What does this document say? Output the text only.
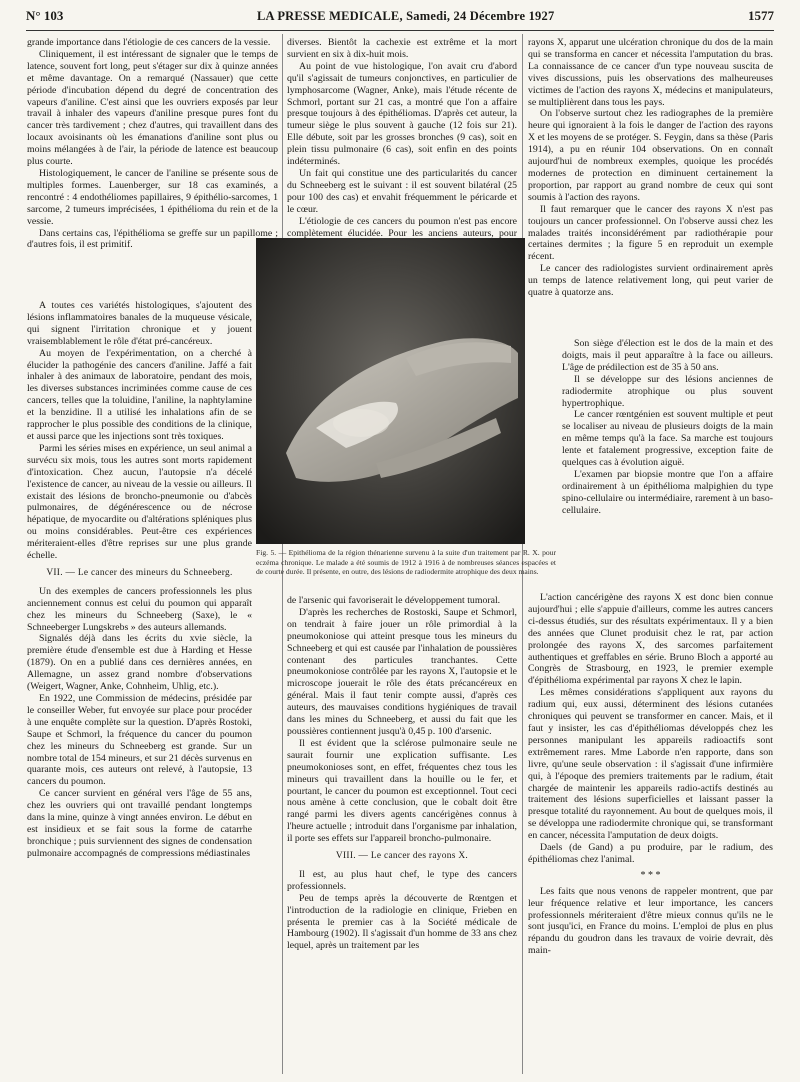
N° 103	LA PRESSE MEDICALE, Samedi, 24 Décembre 1927	1577

grande importance dans l'étiologie de ces cancers de la vessie.

Cliniquement, il est intéressant de signaler que le temps de latence, souvent fort long, peut s'étager sur dix à quinze années et même davantage. On a remarqué (Nassauer) que cette période d'incubation dépend du degré de concentration des vapeurs d'aniline. C'est ainsi que les ouvriers exposés par leur travail à inhaler des vapeurs d'aniline presque pures font du cancer très tardivement ; chez d'autres, qui travaillent dans des locaux avoisinants où les émanations d'aniline sont plus ou moins mélangées à de l'air, la période de latence est beaucoup plus courte.

Histologiquement, le cancer de l'aniline se présente sous de multiples formes. Lauenberger, sur 18 cas examinés, a rencontré : 4 endothéliomes papillaires, 9 épithélio-sarcomes, 1 sarcome, 2 tumeurs imprécisées, 1 épithélioma du rein et de la vessie.

Dans certains cas, l'épithélioma se greffe sur un papillome ; d'autres fois, il est primitif.

A toutes ces variétés histologiques, s'ajoutent des lésions inflammatoires banales de la muqueuse vésicale, qui signent l'irritation chronique et y jouent vraisemblablement le rôle d'état pré-cancéreux.

Au moyen de l'expérimentation, on a cherché à élucider la pathogénie des cancers d'aniline. Jaffé a fait inhaler à des animaux de laboratoire, pendant des mois, les diverses substances incriminées comme cause de ces cancers, telles que la toluidine, l'aniline, la naphtylamine et la benzidine. Il a utilisé les inhalations afin de se rapprocher le plus possible des conditions de la clinique, et aussi parce que les injections sont très toxiques.

Parmi les séries mises en expérience, un seul animal a survécu six mois, tous les autres sont morts rapidement d'intoxication. Chez aucun, l'autopsie n'a décelé l'existence de cancer, au niveau de la vessie ou ailleurs. Il existait des lésions de broncho-pneumonie ou d'abcès pulmonaires, de dégénérescence ou de nécrose hépatique, de myocardite ou d'altérations spléniques plus ou moins considérables. Peut-être ces expériences mériteraient-elles d'être reprises sur une plus grande échelle.

VII. — Le cancer des mineurs du Schneeberg.

Un des exemples de cancers professionnels les plus anciennement connus est celui du poumon qui apparaît chez les mineurs du Schneeberg (Saxe), le « Schneeberger Lungskrebs » des auteurs allemands.

Signalés déjà dans les écrits du xvie siècle, la première étude d'ensemble est due à Harding et Hesse (1879). On en a publié dans ces dernières années, en Allemagne, un assez grand nombre d'observations (Weigert, Wagner, Anke, Cohnheim, Uhlig, etc.).

En 1922, une Commission de médecins, présidée par le conseiller Weber, fut envoyée sur place pour procéder à une enquête complète sur la question. D'après Rostoki, Saupe et Schmorl, la fréquence du cancer du poumon chez les mineurs du Schneeberg est grande. Sur un nombre total de 154 mineurs, et sur 21 décès survenus en quarante mois, ces auteurs ont relevé, à l'autopsie, 13 cancers du poumon.

Ce cancer survient en général vers l'âge de 55 ans, chez les ouvriers qui ont travaillé pendant longtemps dans la mine, quinze à vingt années environ. Le début en est insidieux et se fait sous la forme de catarrhe bronchique ; puis surviennent des signes de condensation pulmonaire accompagnés de compressions médiastinales

diverses. Bientôt la cachexie est extrême et la mort survient en six à dix-huit mois.

Au point de vue histologique, l'on avait cru d'abord qu'il s'agissait de tumeurs conjonctives, en particulier de lymphosarcome (Wagner, Anke), mais l'étude récente de Schmorl, portant sur 21 cas, a montré que l'on a affaire presque toujours à des épithéliomas. D'après cet auteur, la tumeur siège le plus souvent à gauche (12 fois sur 21). Elle débute, soit par les grosses bronches (9 cas), soit en plein tissu pulmonaire (6 cas), soit enfin en des points indéterminés.

Un fait qui constitue une des particularités du cancer du Schneeberg est le suivant : il est souvent bilatéral (25 pour 100 des cas) et envahit fréquemment le péricarde et le cœur.

L'étiologie de ces cancers du poumon n'est pas encore complètement élucidée. Pour les anciens auteurs, pour

Fig. 5. — Epithélioma de la région thénarienne survenu à la suite d'un traitement par R. X. pour eczéma chronique. Le malade a été soumis de 1912 à 1916 à de nombreuses séances espacées et de courte durée. Il présente, en outre, des lésions de radiodermite atrophique des deux mains.

de l'arsenic qui favoriserait le développement tumoral.

D'après les recherches de Rostoski, Saupe et Schmorl, on tendrait à faire jouer un rôle primordial à la pneumokoniose qui atteint presque tous les mineurs du Schneeberg et qui est causée par l'inhalation de poussières contenant des particules tranchantes. Cette pneumokoniose contrôlée par les rayons X, l'autopsie et le microscope jouerait le rôle des états précancéreux en général. Mais il faut tenir compte aussi, d'après ces auteurs, des mauvaises conditions hygiéniques de travail dans les mines du Schneeberg, et aussi du fait que les poussières contiennent jusqu'à 0,45 p. 100 d'arsenic.

Il est évident que la sclérose pulmonaire seule ne saurait fournir une explication suffisante. Les pneumokonioses sont, en effet, fréquentes chez tous les mineurs qui travaillent dans la houille ou le fer, et pourtant, le cancer du poumon est exceptionnel. Tout ceci nous amène à cette conclusion, que le cobalt doit être rangé parmi les divers agents cancérigènes connus à l'heure actuelle ; introduit dans l'organisme par inhalation, il porte ses effets sur l'appareil broncho-pulmonaire.

VIII. — Le cancer des rayons X.

Il est, au plus haut chef, le type des cancers professionnels.

Peu de temps après la découverte de Rœntgen et l'introduction de la radiologie en clinique, Frieben en présenta le premier cas à la Société médicale de Hambourg (1902). Il s'agissait d'un homme de 33 ans chez lequel, après un traitement par les

rayons X, apparut une ulcération chronique du dos de la main qui se transforma en cancer et nécessita l'amputation du bras. La connaissance de ce cancer d'un type nouveau suscita de vives discussions, puis les observations des malheureuses victimes de l'action des rayons X, médecins et manipulateurs, se multiplièrent dans tous les pays.

On l'observe surtout chez les radiographes de la première heure qui ignoraient à la fois le danger de l'action des rayons X et les moyens de se protéger. S. Feygin, dans sa thèse (Paris 1914), a pu en réunir 104 observations. On en connaît aujourd'hui de nombreux exemples, quoique les procédés modernes de protection en diminuent certainement la proportion, par rapport au grand nombre de ceux qui sont soumis à l'action des rayons.

Il faut remarquer que le cancer des rayons X n'est pas toujours un cancer professionnel. On l'observe aussi chez les malades traités inconsidérément par radiothérapie pour certaines dermites ; la figure 5 en reproduit un exemple récent.

Le cancer des radiologistes survient ordinairement après un temps de latence relativement long, qui peut varier de quatre à quatorze ans.

Son siège d'élection est le dos de la main et des doigts, mais il peut apparaître à la face ou ailleurs. L'âge de prédilection est de 35 à 50 ans.

Il se développe sur des lésions anciennes de radiodermite atrophique ou plus souvent hypertrophique.

Le cancer rœntgénien est souvent multiple et peut se localiser au niveau de plusieurs doigts de la main en même temps qu'à la face. Sa marche est toujours lente et fatalement progressive, exception faite de quelques cas à évolution aiguë.

L'examen par biopsie montre que l'on a affaire ordinairement à un épithélioma malpighien du type spino-cellulaire ou intermédiaire, rarement à un baso-cellulaire.

L'action cancérigène des rayons X est donc bien connue aujourd'hui ; elle s'appuie d'ailleurs, comme les autres cancers ci-dessus étudiés, sur des résultats expérimentaux. Il y a bien des années que Clunet produisit chez le rat, par action prolongée des rayons X, des sarcomes parfaitement authentiques et greffables en série. Bruno Bloch a apporté au Congrès de Strasbourg, en 1923, le premier exemple d'épithélioma expérimental par rayons X chez le lapin.

Les mêmes considérations s'appliquent aux rayons du radium qui, eux aussi, déterminent des lésions cutanées chroniques qui peuvent se transformer en cancer. Mais, et il faut y insister, les cas d'épithéliomas développés chez les personnes manipulant les appareils radioactifs sont extrêmement rares. Mme Laborde n'en rapporte, dans son livre, qu'une seule observation : il s'agissait d'une infirmière qui, à l'époque des premiers traitements par le radium, était chargée de maintenir les appareils radio-actifs destinés au traitement des lésions superficielles et laissant passer la presque totalité du rayonnement. Au bout de quelques mois, il se développa une radiodermite chronique qui, se transformant en cancer, nécessita l'amputation de deux doigts.

Daels (de Gand) a pu produire, par le radium, des épithéliomas chez l'animal.

* * *

Les faits que nous venons de rappeler montrent, que par leur fréquence relative et leur importance, les cancers professionnels mériteraient d'être mieux connus qu'ils ne le sont jusqu'ici, en France du moins. L'emploi de plus en plus répandu du goudron dans les travaux de voirie devrait, dès main-
